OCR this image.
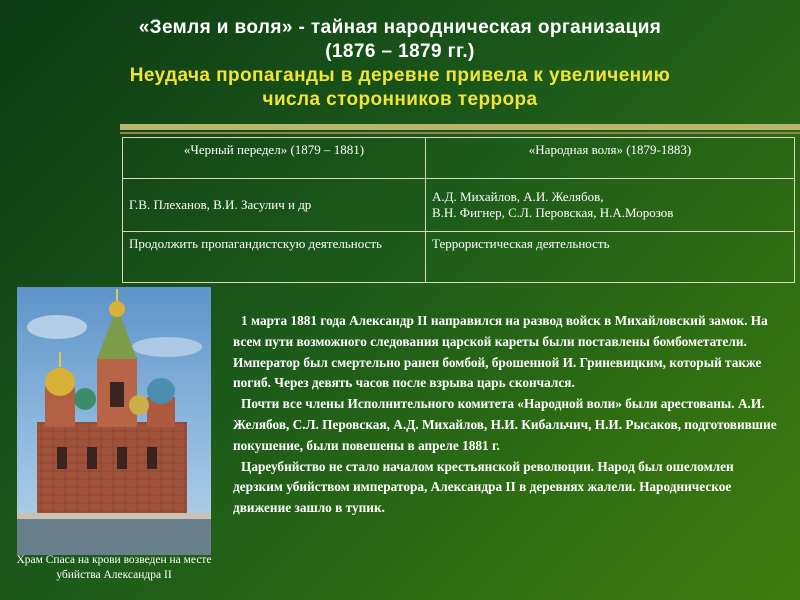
«Земля и воля» - тайная народническая организация
(1876 – 1879 гг.)
Неудача пропаганды в деревне привела к увеличению
числа сторонников террора
«Черный передел» (1879 – 1881)	«Народная воля» (1879-1883)
Г.В. Плеханов, В.И. Засулич и др	А.Д. Михайлов, А.И. Желябов,
В.Н. Фигнер, С.Л. Перовская, Н.А.Морозов
Продолжить пропагандистскую деятельность	Террористическая деятельность
Храм Спаса на крови возведен на месте убийства Александра II

1 марта 1881 года Александр II направился на развод войск в Михайловский замок. На всем пути возможного следования царской кареты были поставлены бомбометатели. Император был смертельно ранен бомбой, брошенной И. Гриневицким, который также погиб. Через девять часов после взрыва царь скончался.

Почти все члены Исполнительного комитета «Народной воли» были арестованы. А.И. Желябов, С.Л. Перовская, А.Д. Михайлов, Н.И. Кибальчич, Н.И. Рысаков, подготовившие покушение, были повешены в апреле 1881 г.

Цареубийство не стало началом крестьянской революции. Народ был ошеломлен дерзким убийством императора, Александра II в деревнях жалели. Народническое движение зашло в тупик.
